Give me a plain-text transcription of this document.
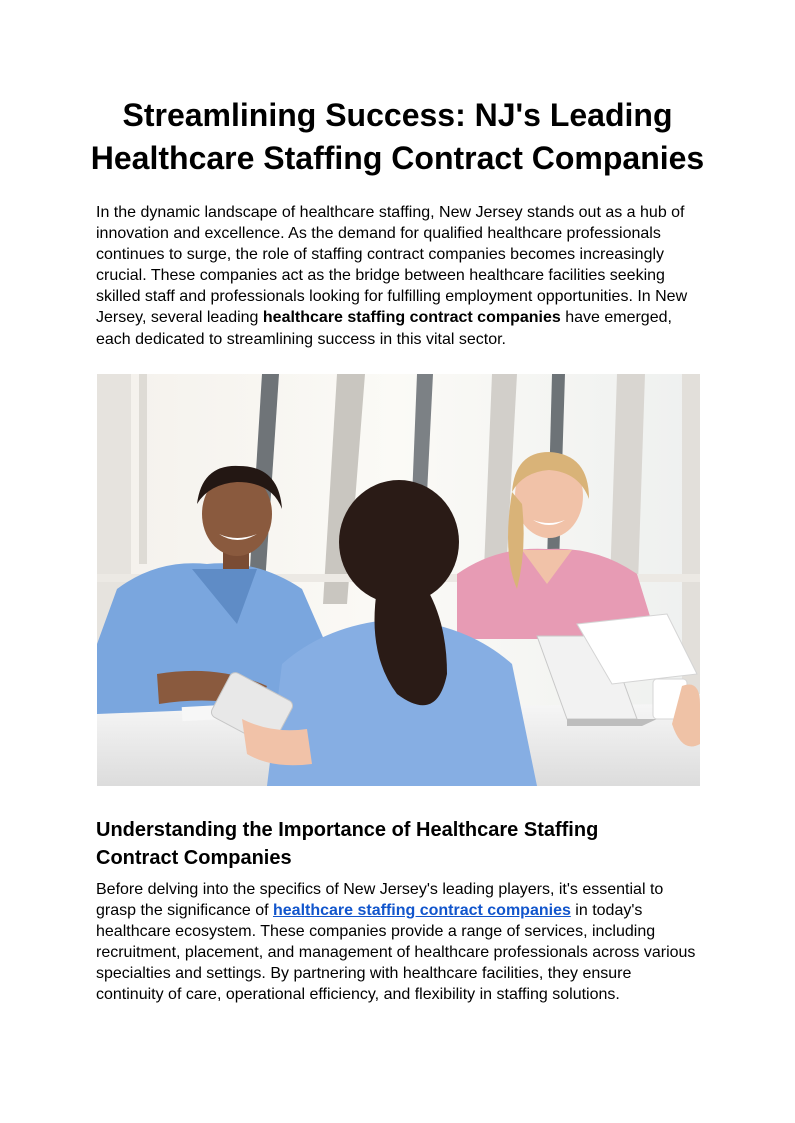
Streamlining Success: NJ's Leading
Healthcare Staffing Contract Companies
In the dynamic landscape of healthcare staffing, New Jersey stands out as a hub of
innovation and excellence. As the demand for qualified healthcare professionals
continues to surge, the role of staffing contract companies becomes increasingly
crucial. These companies act as the bridge between healthcare facilities seeking
skilled staff and professionals looking for fulfilling employment opportunities. In New
Jersey, several leading healthcare staffing contract companies have emerged,
each dedicated to streamlining success in this vital sector.
Understanding the Importance of Healthcare Staffing
Contract Companies
Before delving into the specifics of New Jersey's leading players, it's essential to
grasp the significance of healthcare staffing contract companies in today's
healthcare ecosystem. These companies provide a range of services, including
recruitment, placement, and management of healthcare professionals across various
specialties and settings. By partnering with healthcare facilities, they ensure
continuity of care, operational efficiency, and flexibility in staffing solutions.
